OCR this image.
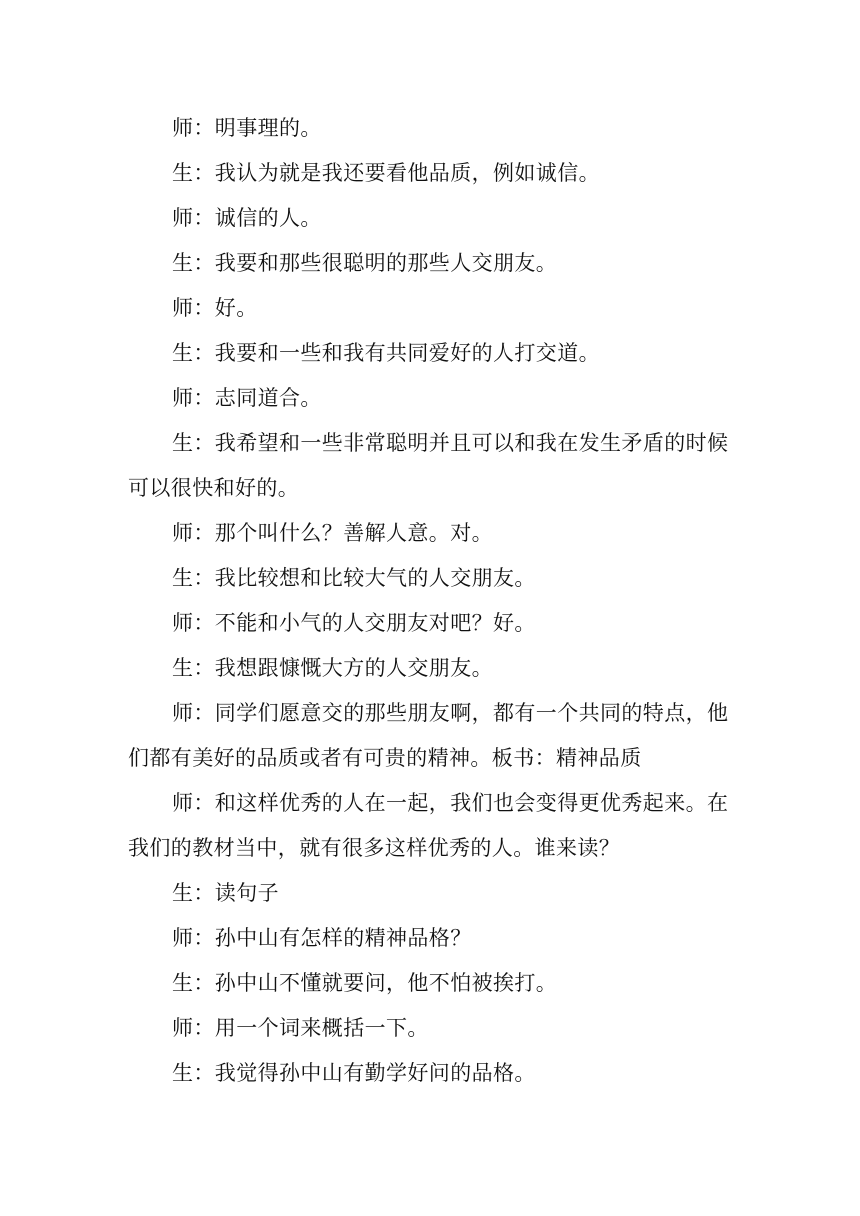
师：明事理的。

生：我认为就是我还要看他品质，例如诚信。

师：诚信的人。

生：我要和那些很聪明的那些人交朋友。

师：好。

生：我要和一些和我有共同爱好的人打交道。

师：志同道合。

生：我希望和一些非常聪明并且可以和我在发生矛盾的时候可以很快和好的。

师：那个叫什么？善解人意。对。

生：我比较想和比较大气的人交朋友。

师：不能和小气的人交朋友对吧？好。

生：我想跟慷慨大方的人交朋友。

师：同学们愿意交的那些朋友啊，都有一个共同的特点，他们都有美好的品质或者有可贵的精神。板书：精神品质

师：和这样优秀的人在一起，我们也会变得更优秀起来。在我们的教材当中，就有很多这样优秀的人。谁来读？

生：读句子

师：孙中山有怎样的精神品格？

生：孙中山不懂就要问，他不怕被挨打。

师：用一个词来概括一下。

生：我觉得孙中山有勤学好问的品格。
